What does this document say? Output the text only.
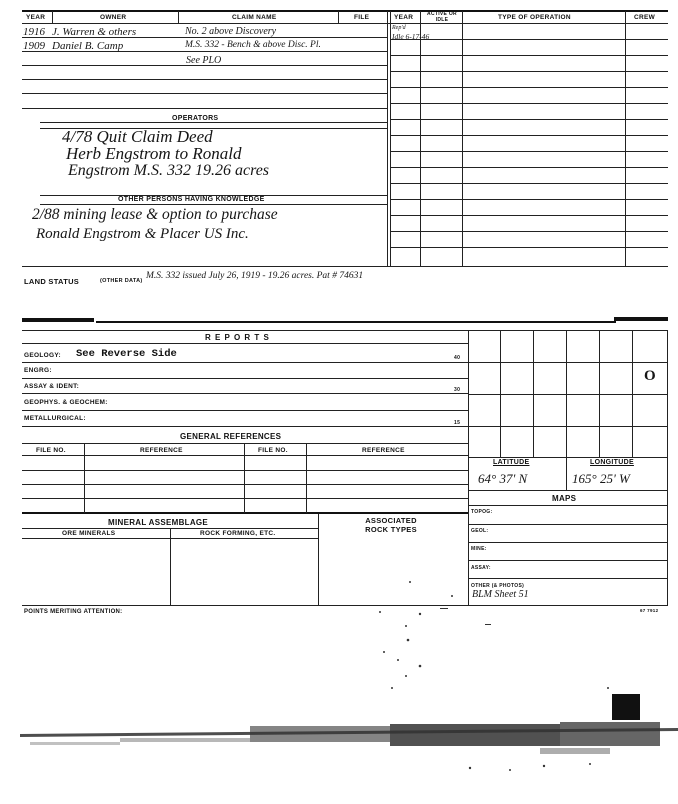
YEAR	OWNER	CLAIM NAME	FILE	YEAR	ACTIVE OR IDLE	TYPE OF OPERATION	CREW
1916 J. Warren & others	No. 2 above Discovery
1909 Daniel B. Camp	M.S. 332 - Bench & above Disc. Pl.
See PLO
Rep'd
Idle 6-17-46
OPERATORS
4/78 Quit Claim Deed
Herb Engstrom to Ronald
Engstrom M.S. 332 19.26 acres
OTHER PERSONS HAVING KNOWLEDGE
2/88 mining lease & option to purchase
Ronald Engstrom & Placer US Inc.
LAND STATUS	(OTHER DATA) M.S. 332 issued July 26, 1919 - 19.26 acres. Pat # 74631
R E P O R T S
GEOLOGY: See Reverse Side	40
ENGRG:
ASSAY & IDENT:	30
GEOPHYS. & GEOCHEM:
METALLURGICAL:
15
GENERAL REFERENCES
FILE NO.	REFERENCE	FILE NO.	REFERENCE
MINERAL ASSEMBLAGE
ORE MINERALS	ROCK FORMING, ETC.
ASSOCIATED ROCK TYPES
O
LATITUDE	LONGITUDE
64° 37' N	165° 25' W
MAPS
TOPOG:
GEOL:
MINE:
ASSAY:
OTHER (& PHOTOS)
BLM Sheet 51
POINTS MERITING ATTENTION:	67 7912
